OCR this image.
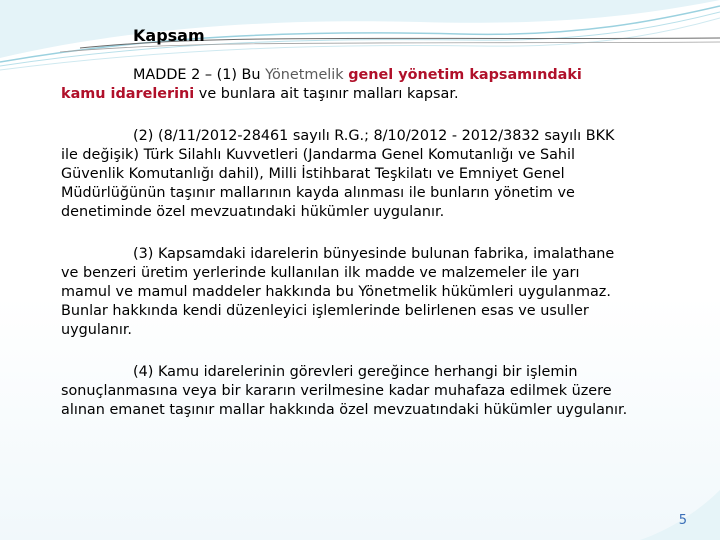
Kapsam

MADDE 2 – (1) Bu Yönetmelik genel yönetim kapsamındaki
kamu idarelerini ve bunlara ait taşınır malları kapsar.

(2) (8/11/2012-28461 sayılı R.G.; 8/10/2012 - 2012/3832 sayılı BKK
ile değişik) Türk Silahlı Kuvvetleri (Jandarma Genel Komutanlığı ve Sahil
Güvenlik Komutanlığı dahil), Milli İstihbarat Teşkilatı ve Emniyet Genel
Müdürlüğünün taşınır mallarının kayda alınması ile bunların yönetim ve
denetiminde özel mevzuatındaki hükümler uygulanır.

(3) Kapsamdaki idarelerin bünyesinde bulunan fabrika, imalathane
ve benzeri üretim yerlerinde kullanılan ilk madde ve malzemeler ile yarı
mamul ve mamul maddeler hakkında bu Yönetmelik hükümleri uygulanmaz.
Bunlar hakkında kendi düzenleyici işlemlerinde belirlenen esas ve usuller
uygulanır.

(4) Kamu idarelerinin görevleri gereğince herhangi bir işlemin
sonuçlanmasına veya bir kararın verilmesine kadar muhafaza edilmek üzere
alınan emanet taşınır mallar hakkında özel mevzuatındaki hükümler uygulanır.

5
